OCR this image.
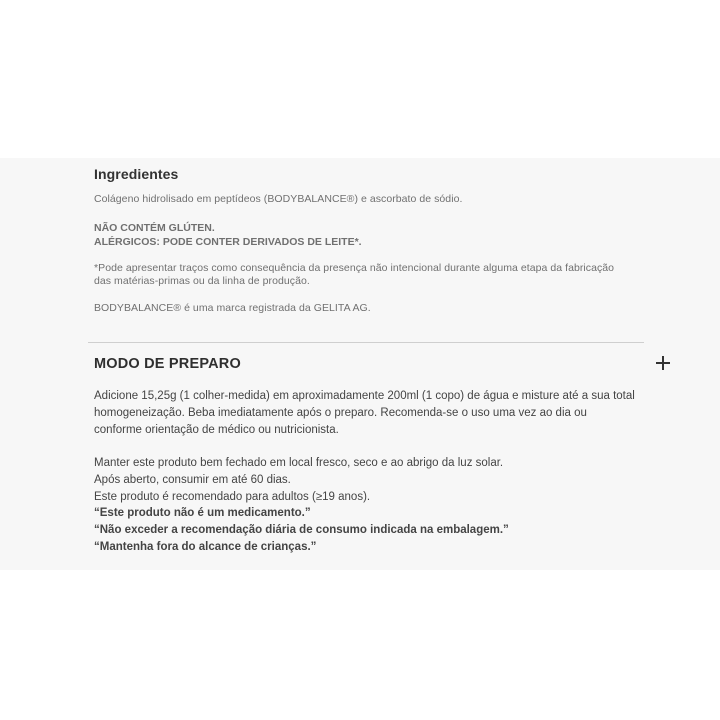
Ingredientes
Colágeno hidrolisado em peptídeos (BODYBALANCE®) e ascorbato de sódio.
NÃO CONTÉM GLÚTEN.
ALÉRGICOS: PODE CONTER DERIVADOS DE LEITE*.
*Pode apresentar traços como consequência da presença não intencional durante alguma etapa da fabricação
das matérias-primas ou da linha de produção.
BODYBALANCE® é uma marca registrada da GELITA AG.
MODO DE PREPARO
Adicione 15,25g (1 colher-medida) em aproximadamente 200ml (1 copo) de água e misture até a sua total
homogeneização. Beba imediatamente após o preparo. Recomenda-se o uso uma vez ao dia ou
conforme orientação de médico ou nutricionista.
Manter este produto bem fechado em local fresco, seco e ao abrigo da luz solar.
Após aberto, consumir em até 60 dias.
Este produto é recomendado para adultos (≥19 anos).
“Este produto não é um medicamento.”
“Não exceder a recomendação diária de consumo indicada na embalagem.”
“Mantenha fora do alcance de crianças.”
